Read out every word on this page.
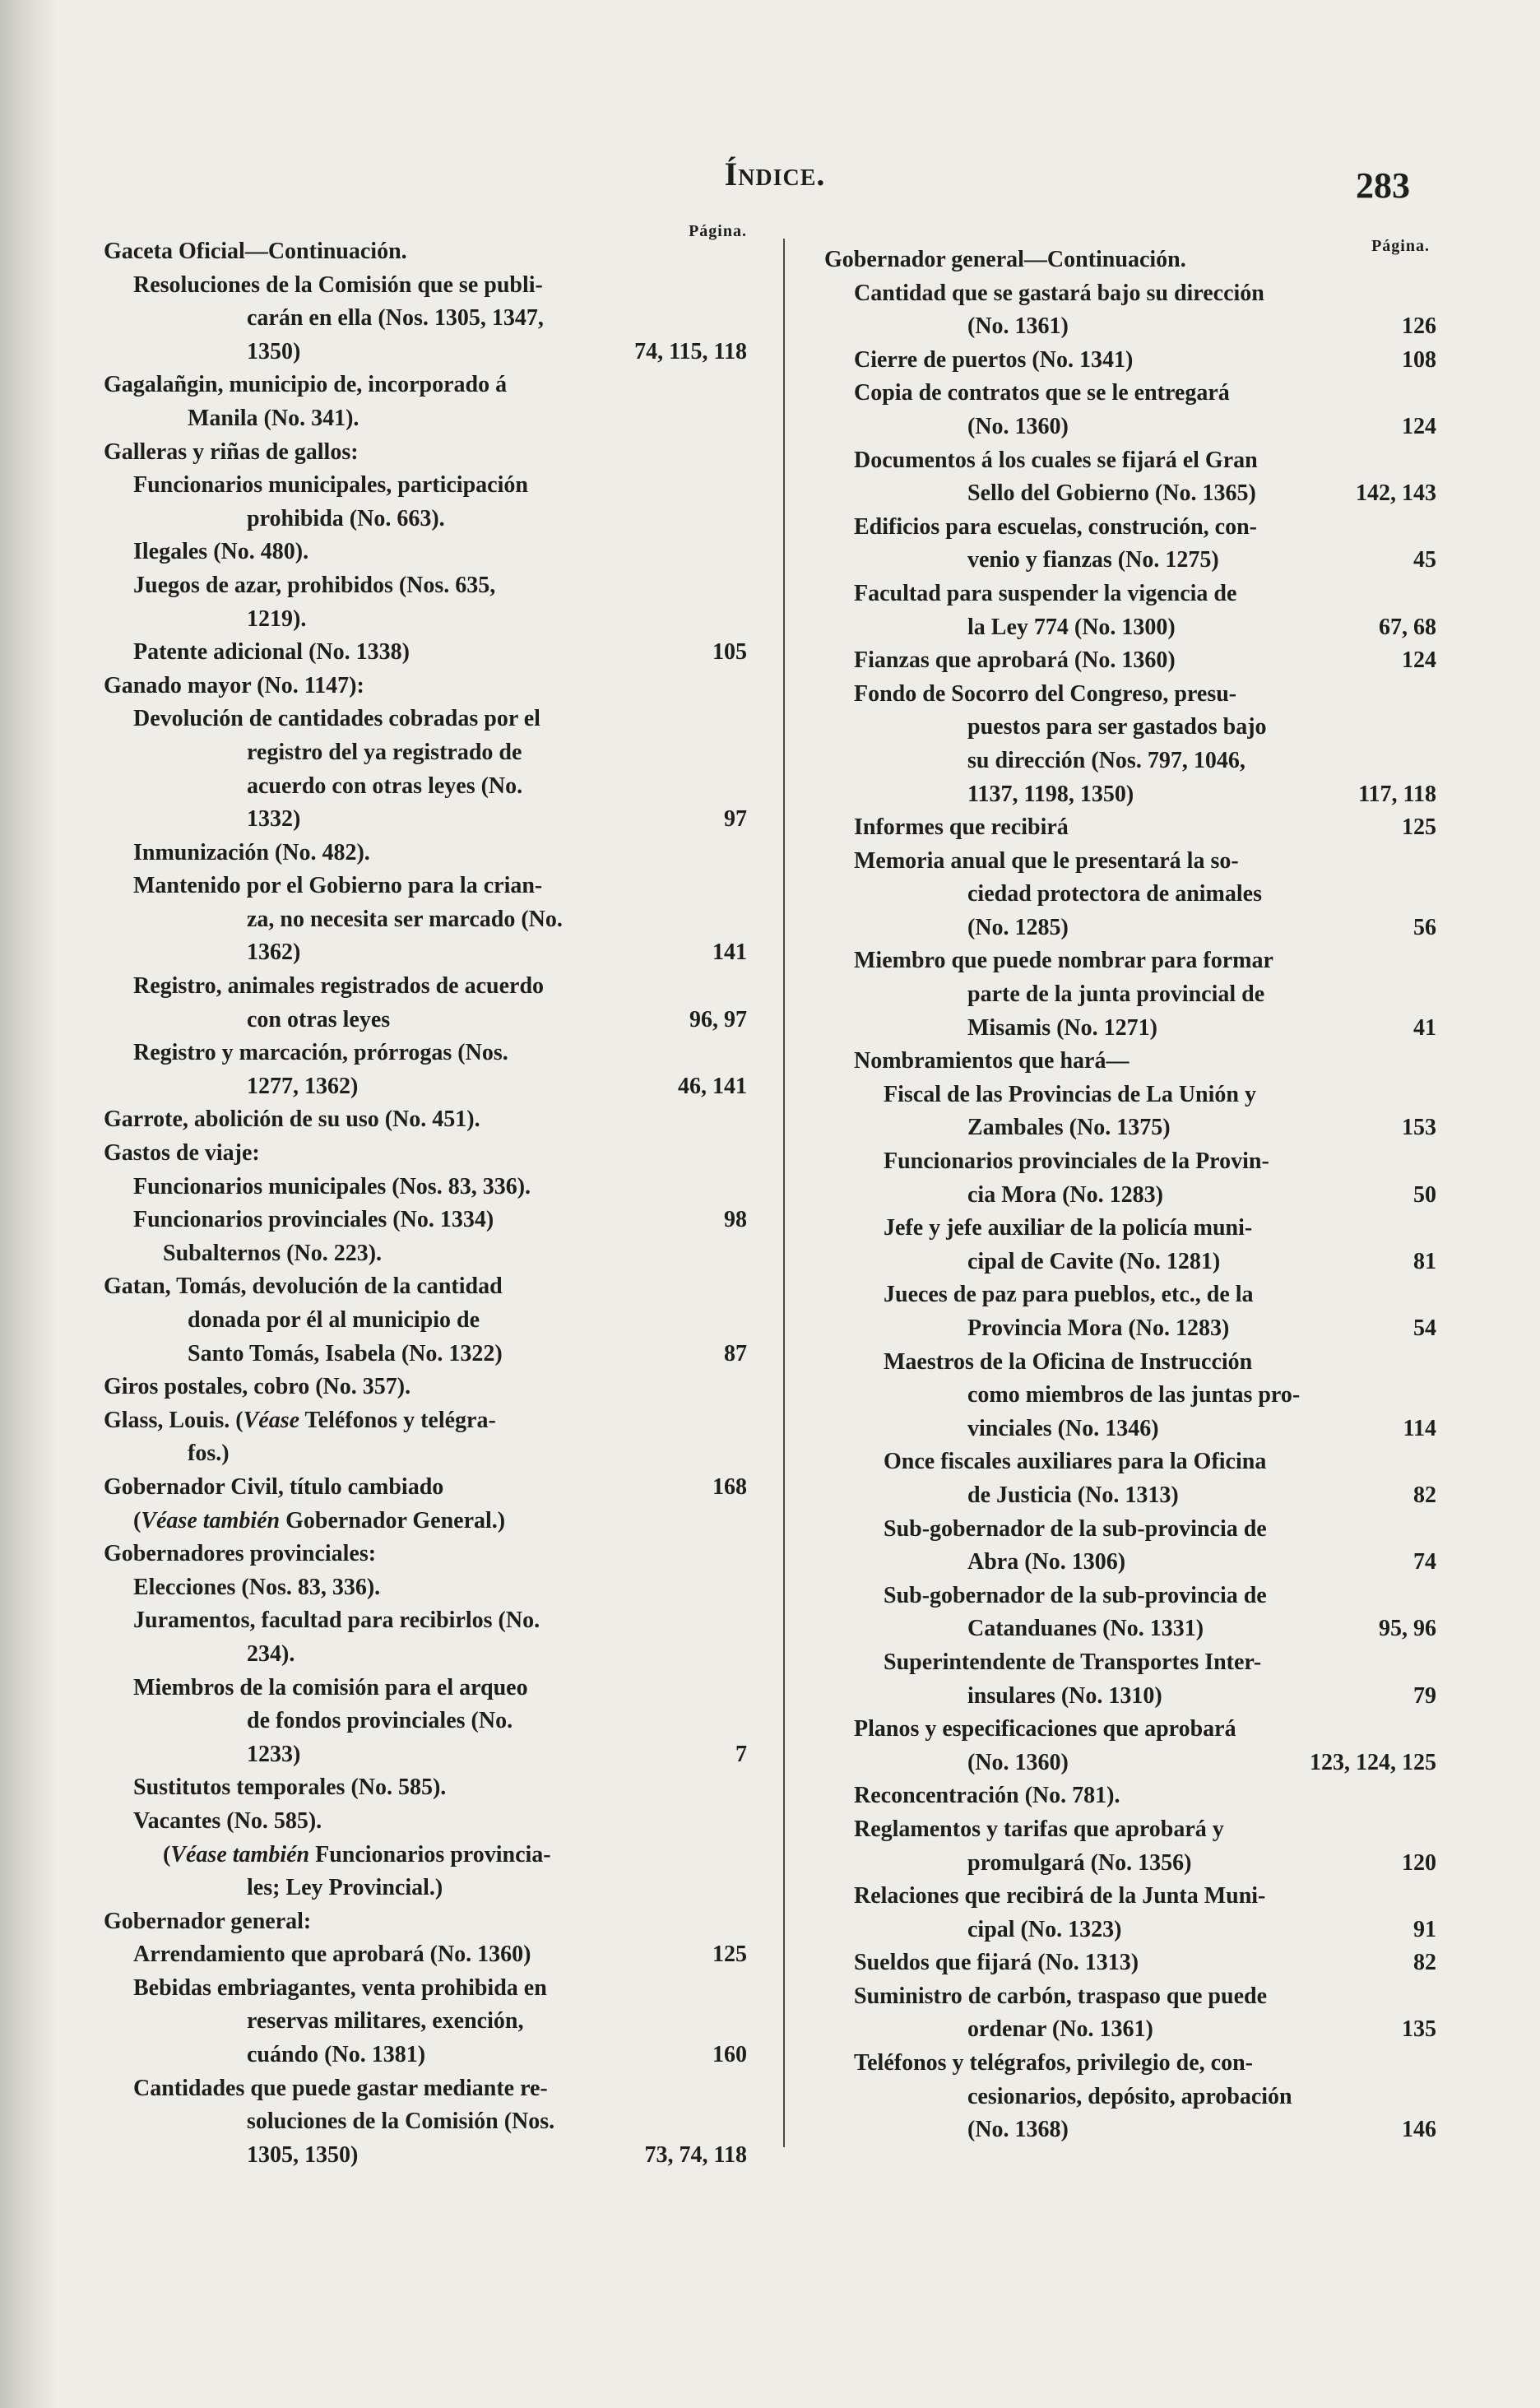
Índice.	283
Página.
Gaceta Oficial—Continuación.
Resoluciones de la Comisión que se publi-
carán en ella (Nos. 1305, 1347,
1350)	74, 115, 118
Gagalañgin, municipio de, incorporado á
Manila (No. 341).
Galleras y riñas de gallos:
Funcionarios municipales, participación
prohibida (No. 663).
Ilegales (No. 480).
Juegos de azar, prohibidos (Nos. 635,
1219).
Patente adicional (No. 1338)	105
Ganado mayor (No. 1147):
Devolución de cantidades cobradas por el
registro del ya registrado de
acuerdo con otras leyes (No.
1332)	97
Inmunización (No. 482).
Mantenido por el Gobierno para la crian-
za, no necesita ser marcado (No.
1362)	141
Registro, animales registrados de acuerdo
con otras leyes	96, 97
Registro y marcación, prórrogas (Nos.
1277, 1362)	46, 141
Garrote, abolición de su uso (No. 451).
Gastos de viaje:
Funcionarios municipales (Nos. 83, 336).
Funcionarios provinciales (No. 1334)	98
Subalternos (No. 223).
Gatan, Tomás, devolución de la cantidad
donada por él al municipio de
Santo Tomás, Isabela (No. 1322)	87
Giros postales, cobro (No. 357).
Glass, Louis. (Véase Teléfonos y telégra-
fos.)
Gobernador Civil, título cambiado	168
(Véase también Gobernador General.)
Gobernadores provinciales:
Elecciones (Nos. 83, 336).
Juramentos, facultad para recibirlos (No.
234).
Miembros de la comisión para el arqueo
de fondos provinciales (No.
1233)	7
Sustitutos temporales (No. 585).
Vacantes (No. 585).
(Véase también Funcionarios provincia-
les; Ley Provincial.)
Gobernador general:
Arrendamiento que aprobará (No. 1360)	125
Bebidas embriagantes, venta prohibida en
reservas militares, exención,
cuándo (No. 1381)	160
Cantidades que puede gastar mediante re-
soluciones de la Comisión (Nos.
1305, 1350)	73, 74, 118
Página.
Gobernador general—Continuación.
Cantidad que se gastará bajo su dirección
(No. 1361)	126
Cierre de puertos (No. 1341)	108
Copia de contratos que se le entregará
(No. 1360)	124
Documentos á los cuales se fijará el Gran
Sello del Gobierno (No. 1365)	142, 143
Edificios para escuelas, construción, con-
venio y fianzas (No. 1275)	45
Facultad para suspender la vigencia de
la Ley 774 (No. 1300)	67, 68
Fianzas que aprobará (No. 1360)	124
Fondo de Socorro del Congreso, presu-
puestos para ser gastados bajo
su dirección (Nos. 797, 1046,
1137, 1198, 1350)	117, 118
Informes que recibirá	125
Memoria anual que le presentará la so-
ciedad protectora de animales
(No. 1285)	56
Miembro que puede nombrar para formar
parte de la junta provincial de
Misamis (No. 1271)	41
Nombramientos que hará—
Fiscal de las Provincias de La Unión y
Zambales (No. 1375)	153
Funcionarios provinciales de la Provin-
cia Mora (No. 1283)	50
Jefe y jefe auxiliar de la policía muni-
cipal de Cavite (No. 1281)	81
Jueces de paz para pueblos, etc., de la
Provincia Mora (No. 1283)	54
Maestros de la Oficina de Instrucción
como miembros de las juntas pro-
vinciales (No. 1346)	114
Once fiscales auxiliares para la Oficina
de Justicia (No. 1313)	82
Sub-gobernador de la sub-provincia de
Abra (No. 1306)	74
Sub-gobernador de la sub-provincia de
Catanduanes (No. 1331)	95, 96
Superintendente de Transportes Inter-
insulares (No. 1310)	79
Planos y especificaciones que aprobará
(No. 1360)	123, 124, 125
Reconcentración (No. 781).
Reglamentos y tarifas que aprobará y
promulgará (No. 1356)	120
Relaciones que recibirá de la Junta Muni-
cipal (No. 1323)	91
Sueldos que fijará (No. 1313)	82
Suministro de carbón, traspaso que puede
ordenar (No. 1361)	135
Teléfonos y telégrafos, privilegio de, con-
cesionarios, depósito, aprobación
(No. 1368)	146
